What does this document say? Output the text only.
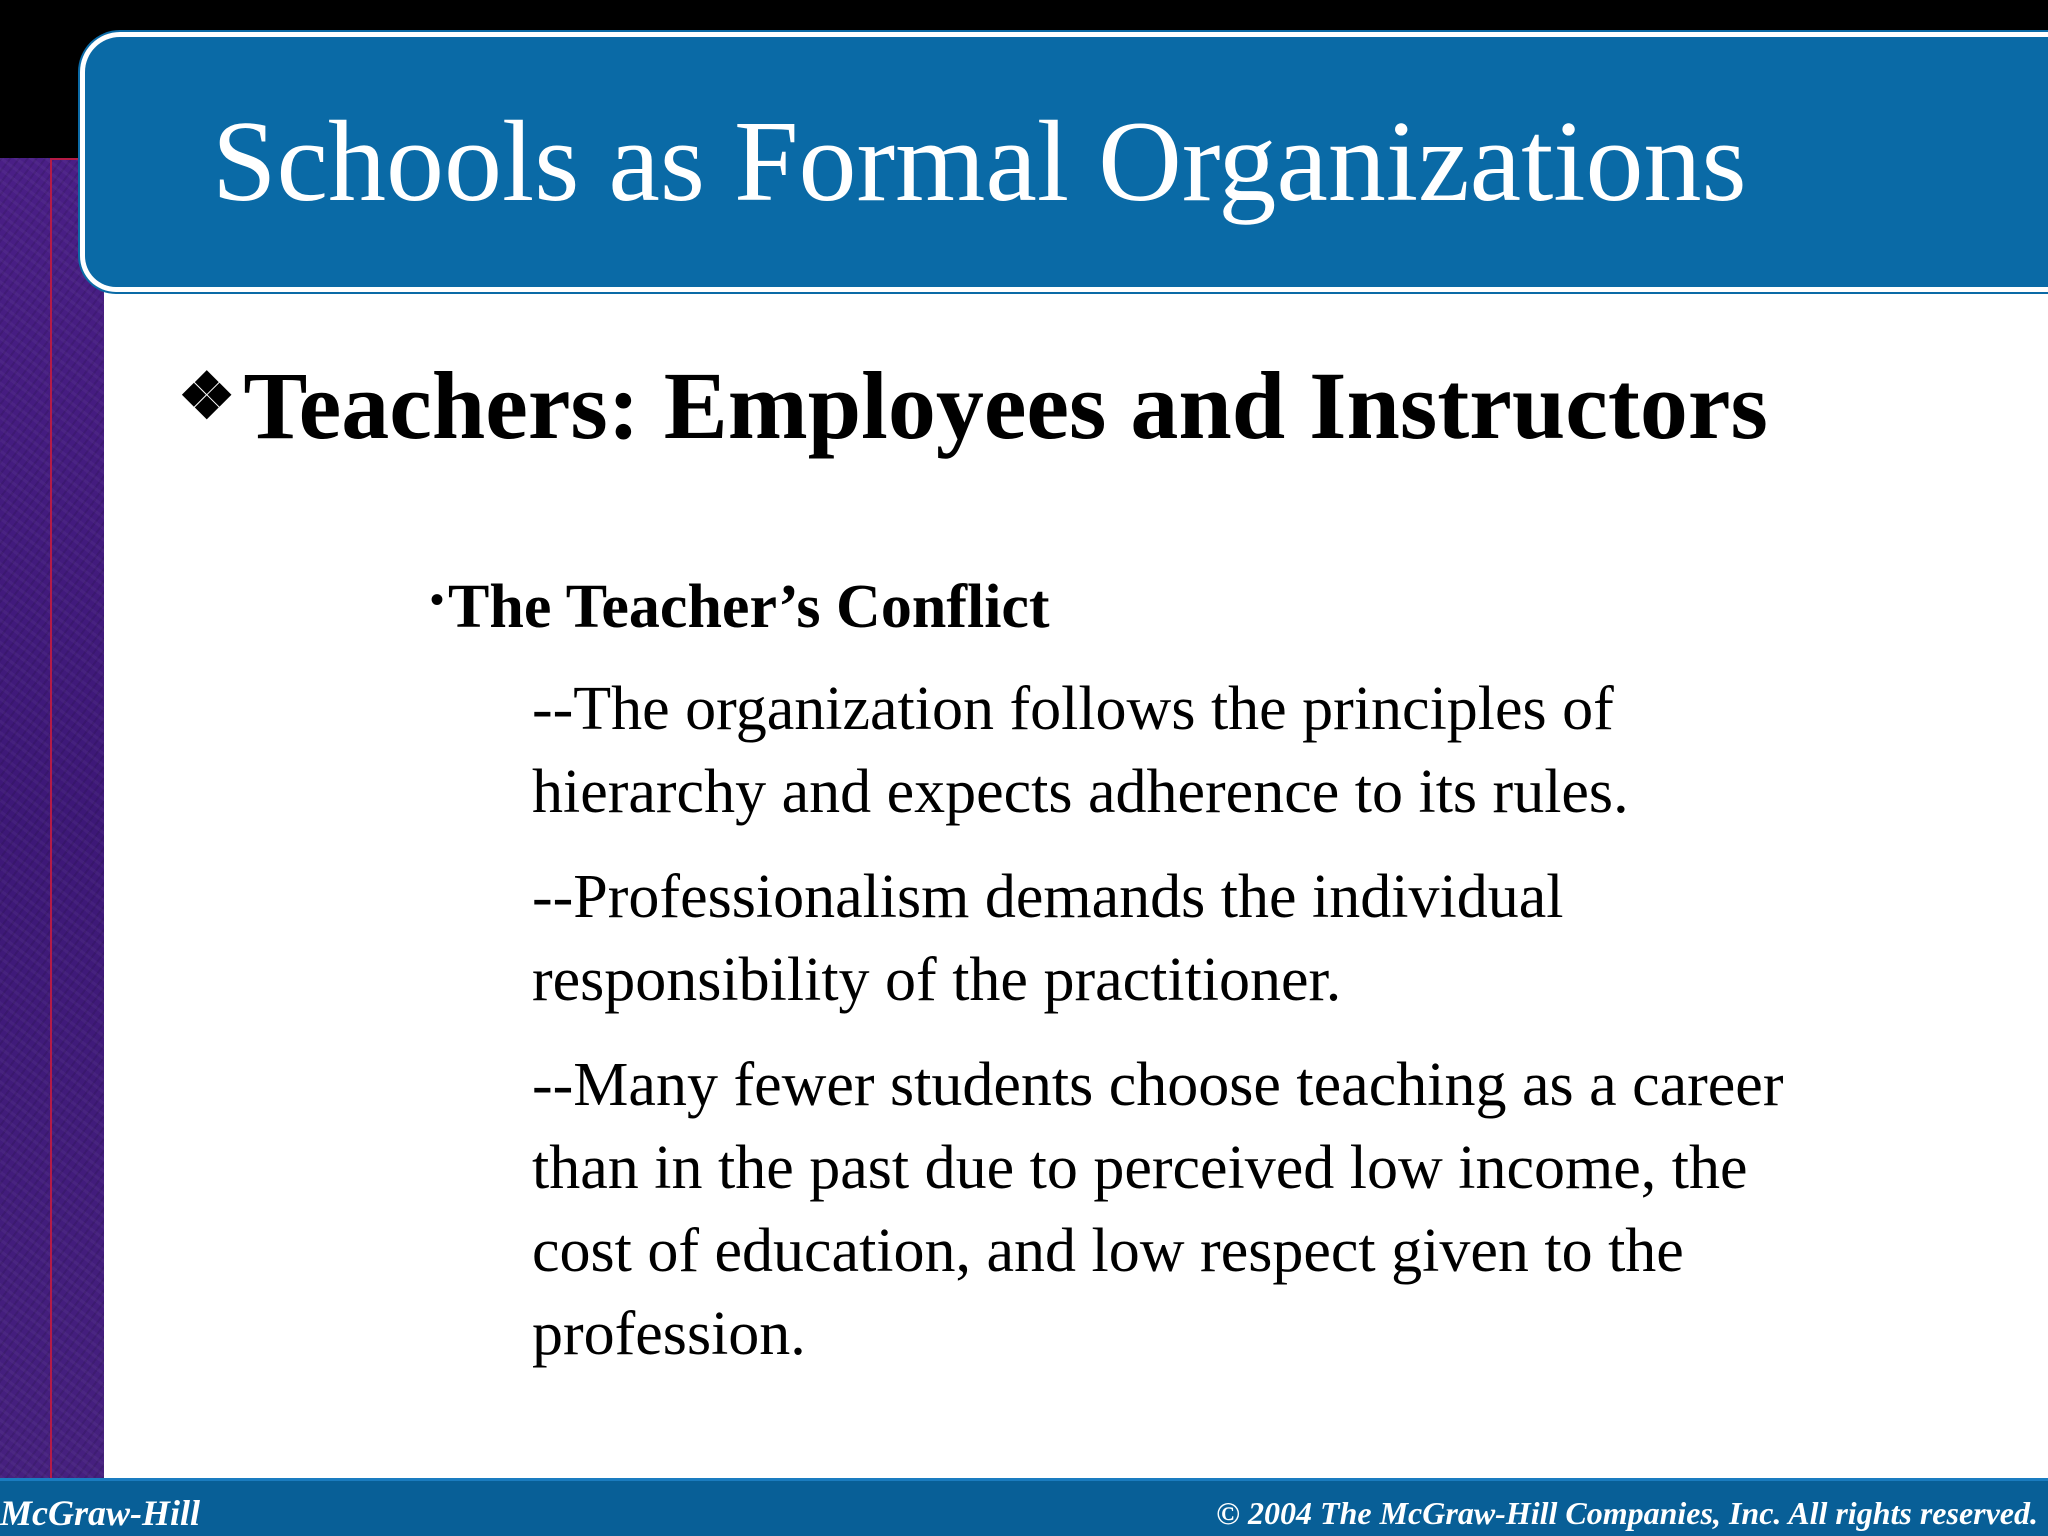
Schools as Formal Organizations
❖Teachers: Employees and Instructors
•The Teacher’s Conflict
--The organization follows the principles of hierarchy and expects adherence to its rules.
--Professionalism demands the individual responsibility of the practitioner.
--Many fewer students choose teaching as a career than in the past due to perceived low income, the cost of education, and low respect given to the profession.
McGraw-Hill	© 2004 The McGraw-Hill Companies, Inc. All rights reserved.
